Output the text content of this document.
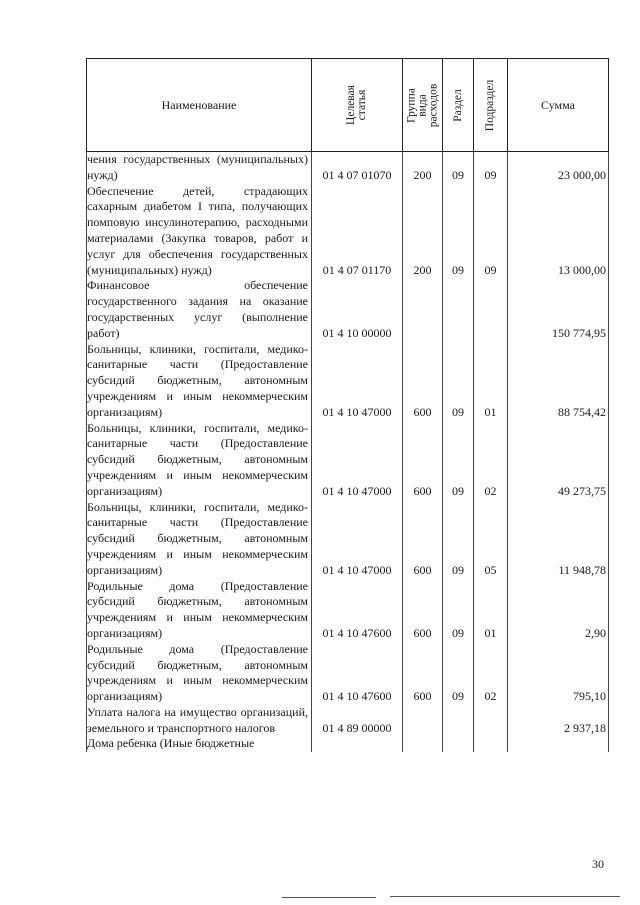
Наименование	Целевая статья	Группа вида расходов	Раздел	Подраздел	Сумма
чения государственных (муниципальных) нужд)	01 4 07 01070	200	09	09	23 000,00
Обеспечение детей, страдающих сахарным диабетом I типа, получающих помповую инсулинотерапию, расходными материалами (Закупка товаров, работ и услуг для обеспечения государственных (муниципальных) нужд)	01 4 07 01170	200	09	09	13 000,00
Финансовое обеспечение государственного задания на оказание государственных услуг (выполнение работ)	01 4 10 00000				150 774,95
Больницы, клиники, госпитали, медико-санитарные части (Предоставление субсидий бюджетным, автономным учреждениям и иным некоммерческим организациям)	01 4 10 47000	600	09	01	88 754,42
Больницы, клиники, госпитали, медико-санитарные части (Предоставление субсидий бюджетным, автономным учреждениям и иным некоммерческим организациям)	01 4 10 47000	600	09	02	49 273,75
Больницы, клиники, госпитали, медико-санитарные части (Предоставление субсидий бюджетным, автономным учреждениям и иным некоммерческим организациям)	01 4 10 47000	600	09	05	11 948,78
Родильные дома (Предоставление субсидий бюджетным, автономным учреждениям и иным некоммерческим организациям)	01 4 10 47600	600	09	01	2,90
Родильные дома (Предоставление субсидий бюджетным, автономным учреждениям и иным некоммерческим организациям)	01 4 10 47600	600	09	02	795,10
Уплата налога на имущество организаций, земельного и транспортного налогов	01 4 89 00000				2 937,18
Дома ребенка (Иные бюджетные					
30
